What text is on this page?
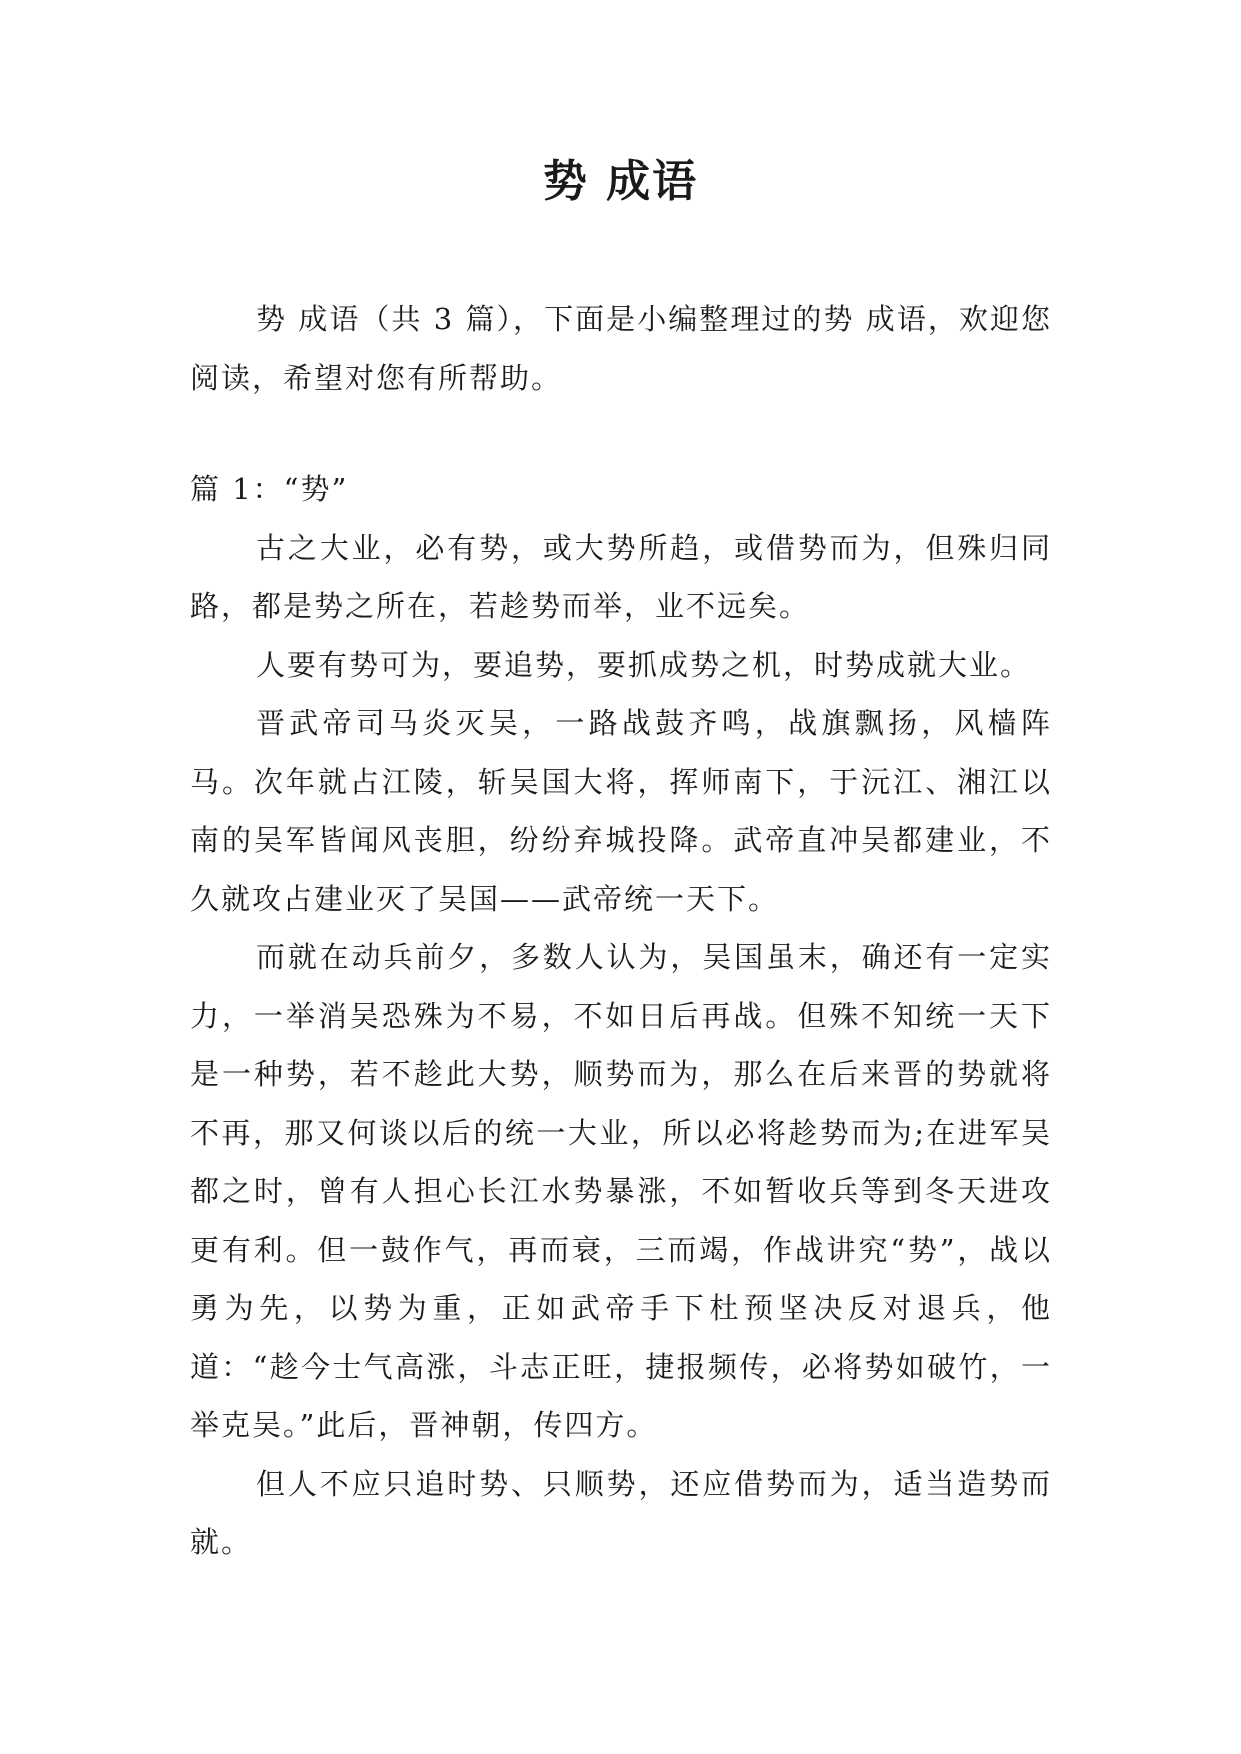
势 成语

势 成语（共 3 篇），下面是小编整理过的势 成语，欢迎您阅读，希望对您有所帮助。

篇 1：“势”

古之大业，必有势，或大势所趋，或借势而为，但殊归同路，都是势之所在，若趁势而举，业不远矣。

人要有势可为，要追势，要抓成势之机，时势成就大业。

晋武帝司马炎灭吴，一路战鼓齐鸣，战旗飘扬，风樯阵马。次年就占江陵，斩吴国大将，挥师南下，于沅江、湘江以南的吴军皆闻风丧胆，纷纷弃城投降。武帝直冲吴都建业，不久就攻占建业灭了吴国——武帝统一天下。

而就在动兵前夕，多数人认为，吴国虽末，确还有一定实力，一举消吴恐殊为不易，不如日后再战。但殊不知统一天下是一种势，若不趁此大势，顺势而为，那么在后来晋的势就将不再，那又何谈以后的统一大业，所以必将趁势而为;在进军吴都之时，曾有人担心长江水势暴涨，不如暂收兵等到冬天进攻更有利。但一鼓作气，再而衰，三而竭，作战讲究“势”，战以勇为先，以势为重，正如武帝手下杜预坚决反对退兵，他道：“趁今士气高涨，斗志正旺，捷报频传，必将势如破竹，一举克吴。”此后，晋神朝，传四方。

但人不应只追时势、只顺势，还应借势而为，适当造势而就。
